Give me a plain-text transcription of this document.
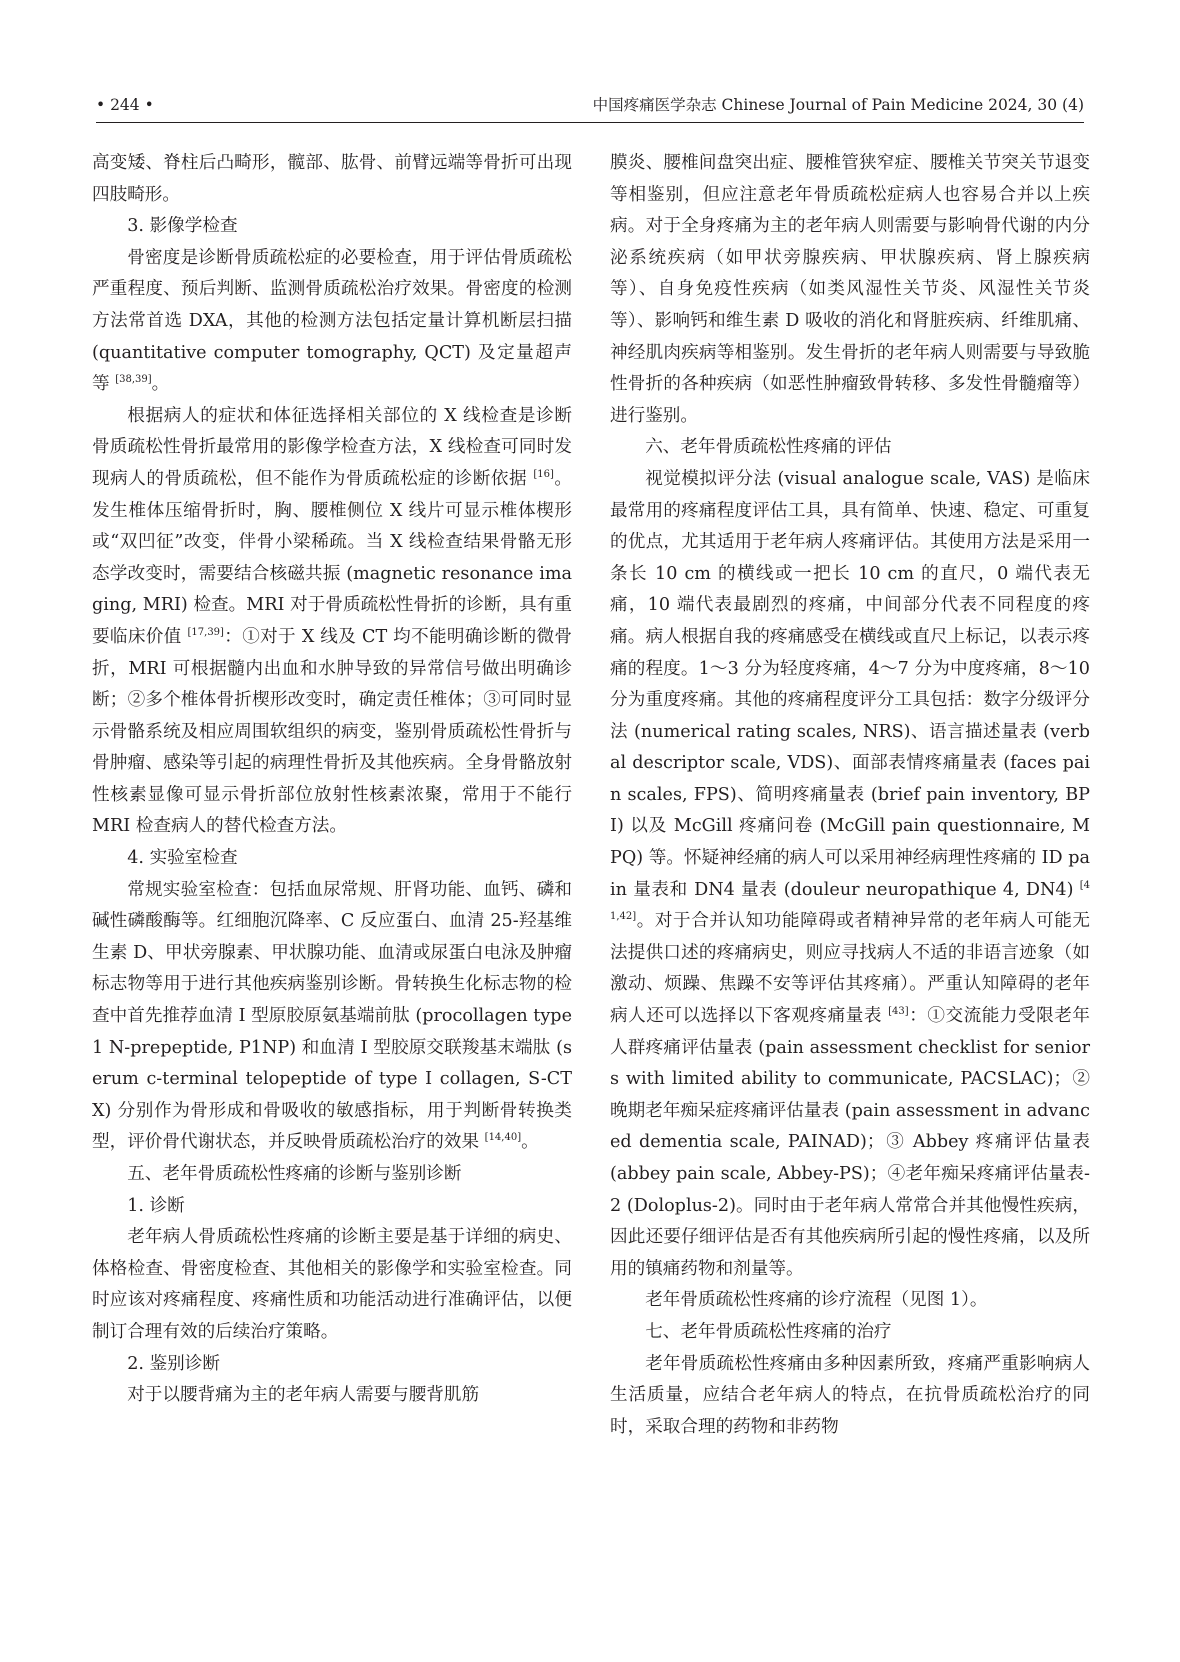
• 244 •	中国疼痛医学杂志 Chinese Journal of Pain Medicine 2024, 30 (4)

高变矮、脊柱后凸畸形，髋部、肱骨、前臂远端等骨折可出现四肢畸形。

3. 影像学检查

骨密度是诊断骨质疏松症的必要检查，用于评估骨质疏松严重程度、预后判断、监测骨质疏松治疗效果。骨密度的检测方法常首选 DXA，其他的检测方法包括定量计算机断层扫描 (quantitative computer tomography, QCT) 及定量超声等 [38,39]。

根据病人的症状和体征选择相关部位的 X 线检查是诊断骨质疏松性骨折最常用的影像学检查方法，X 线检查可同时发现病人的骨质疏松，但不能作为骨质疏松症的诊断依据 [16]。发生椎体压缩骨折时，胸、腰椎侧位 X 线片可显示椎体楔形或“双凹征”改变，伴骨小梁稀疏。当 X 线检查结果骨骼无形态学改变时，需要结合核磁共振 (magnetic resonance imaging, MRI) 检查。MRI 对于骨质疏松性骨折的诊断，具有重要临床价值 [17,39]：①对于 X 线及 CT 均不能明确诊断的微骨折，MRI 可根据髓内出血和水肿导致的异常信号做出明确诊断；②多个椎体骨折楔形改变时，确定责任椎体；③可同时显示骨骼系统及相应周围软组织的病变，鉴别骨质疏松性骨折与骨肿瘤、感染等引起的病理性骨折及其他疾病。全身骨骼放射性核素显像可显示骨折部位放射性核素浓聚，常用于不能行 MRI 检查病人的替代检查方法。

4. 实验室检查

常规实验室检查：包括血尿常规、肝肾功能、血钙、磷和碱性磷酸酶等。红细胞沉降率、C 反应蛋白、血清 25-羟基维生素 D、甲状旁腺素、甲状腺功能、血清或尿蛋白电泳及肿瘤标志物等用于进行其他疾病鉴别诊断。骨转换生化标志物的检查中首先推荐血清 I 型原胶原氨基端前肽 (procollagen type 1 N-prepeptide, P1NP) 和血清 I 型胶原交联羧基末端肽 (serum c-terminal telopeptide of type I collagen, S-CTX) 分别作为骨形成和骨吸收的敏感指标，用于判断骨转换类型，评价骨代谢状态，并反映骨质疏松治疗的效果 [14,40]。

五、老年骨质疏松性疼痛的诊断与鉴别诊断

1. 诊断

老年病人骨质疏松性疼痛的诊断主要是基于详细的病史、体格检查、骨密度检查、其他相关的影像学和实验室检查。同时应该对疼痛程度、疼痛性质和功能活动进行准确评估，以便制订合理有效的后续治疗策略。

2. 鉴别诊断

对于以腰背痛为主的老年病人需要与腰背肌筋

膜炎、腰椎间盘突出症、腰椎管狭窄症、腰椎关节突关节退变等相鉴别，但应注意老年骨质疏松症病人也容易合并以上疾病。对于全身疼痛为主的老年病人则需要与影响骨代谢的内分泌系统疾病（如甲状旁腺疾病、甲状腺疾病、肾上腺疾病等）、自身免疫性疾病（如类风湿性关节炎、风湿性关节炎等）、影响钙和维生素 D 吸收的消化和肾脏疾病、纤维肌痛、神经肌肉疾病等相鉴别。发生骨折的老年病人则需要与导致脆性骨折的各种疾病（如恶性肿瘤致骨转移、多发性骨髓瘤等）进行鉴别。

六、老年骨质疏松性疼痛的评估

视觉模拟评分法 (visual analogue scale, VAS) 是临床最常用的疼痛程度评估工具，具有简单、快速、稳定、可重复的优点，尤其适用于老年病人疼痛评估。其使用方法是采用一条长 10 cm 的横线或一把长 10 cm 的直尺，0 端代表无痛，10 端代表最剧烈的疼痛，中间部分代表不同程度的疼痛。病人根据自我的疼痛感受在横线或直尺上标记，以表示疼痛的程度。1～3 分为轻度疼痛，4～7 分为中度疼痛，8～10 分为重度疼痛。其他的疼痛程度评分工具包括：数字分级评分法 (numerical rating scales, NRS)、语言描述量表 (verbal descriptor scale, VDS)、面部表情疼痛量表 (faces pain scales, FPS)、简明疼痛量表 (brief pain inventory, BPI) 以及 McGill 疼痛问卷 (McGill pain questionnaire, MPQ) 等。怀疑神经痛的病人可以采用神经病理性疼痛的 ID pain 量表和 DN4 量表 (douleur neuropathique 4, DN4) [41,42]。对于合并认知功能障碍或者精神异常的老年病人可能无法提供口述的疼痛病史，则应寻找病人不适的非语言迹象（如激动、烦躁、焦躁不安等评估其疼痛）。严重认知障碍的老年病人还可以选择以下客观疼痛量表 [43]：①交流能力受限老年人群疼痛评估量表 (pain assessment checklist for seniors with limited ability to communicate, PACSLAC)；②晚期老年痴呆症疼痛评估量表 (pain assessment in advanced dementia scale, PAINAD)；③ Abbey 疼痛评估量表 (abbey pain scale, Abbey-PS)；④老年痴呆疼痛评估量表-2 (Doloplus-2)。同时由于老年病人常常合并其他慢性疾病，因此还要仔细评估是否有其他疾病所引起的慢性疼痛，以及所用的镇痛药物和剂量等。

老年骨质疏松性疼痛的诊疗流程（见图 1）。

七、老年骨质疏松性疼痛的治疗

老年骨质疏松性疼痛由多种因素所致，疼痛严重影响病人生活质量，应结合老年病人的特点，在抗骨质疏松治疗的同时，采取合理的药物和非药物
